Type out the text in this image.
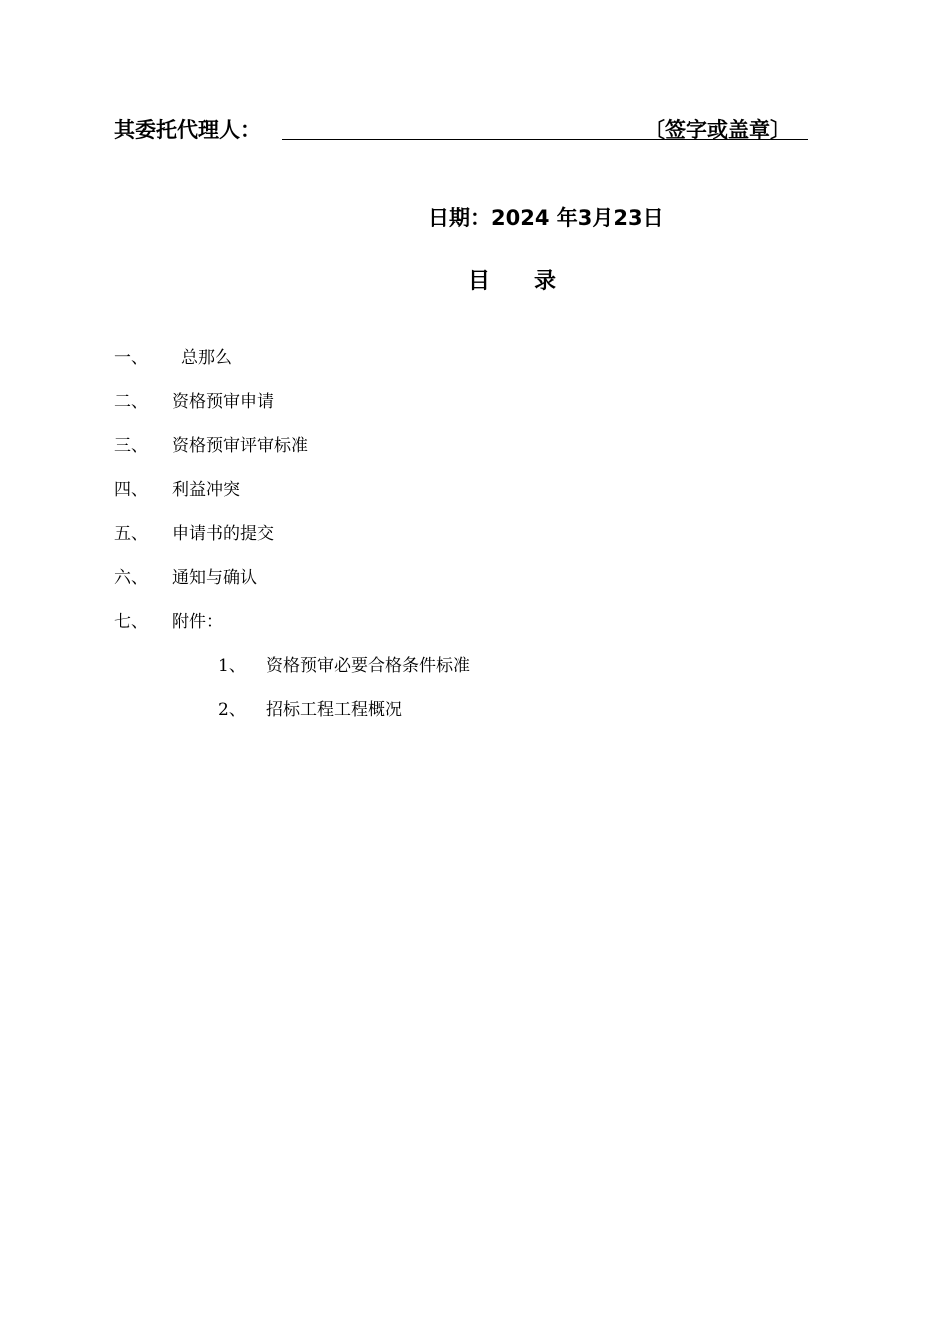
其委托代理人：	〔签字或盖章〕
日期：2024 年3月23日
目录
一、 总那么
二、 资格预审申请
三、 资格预审评审标准
四、 利益冲突
五、 申请书的提交
六、 通知与确认
七、 附件：
1、 资格预审必要合格条件标准
2、 招标工程工程概况
